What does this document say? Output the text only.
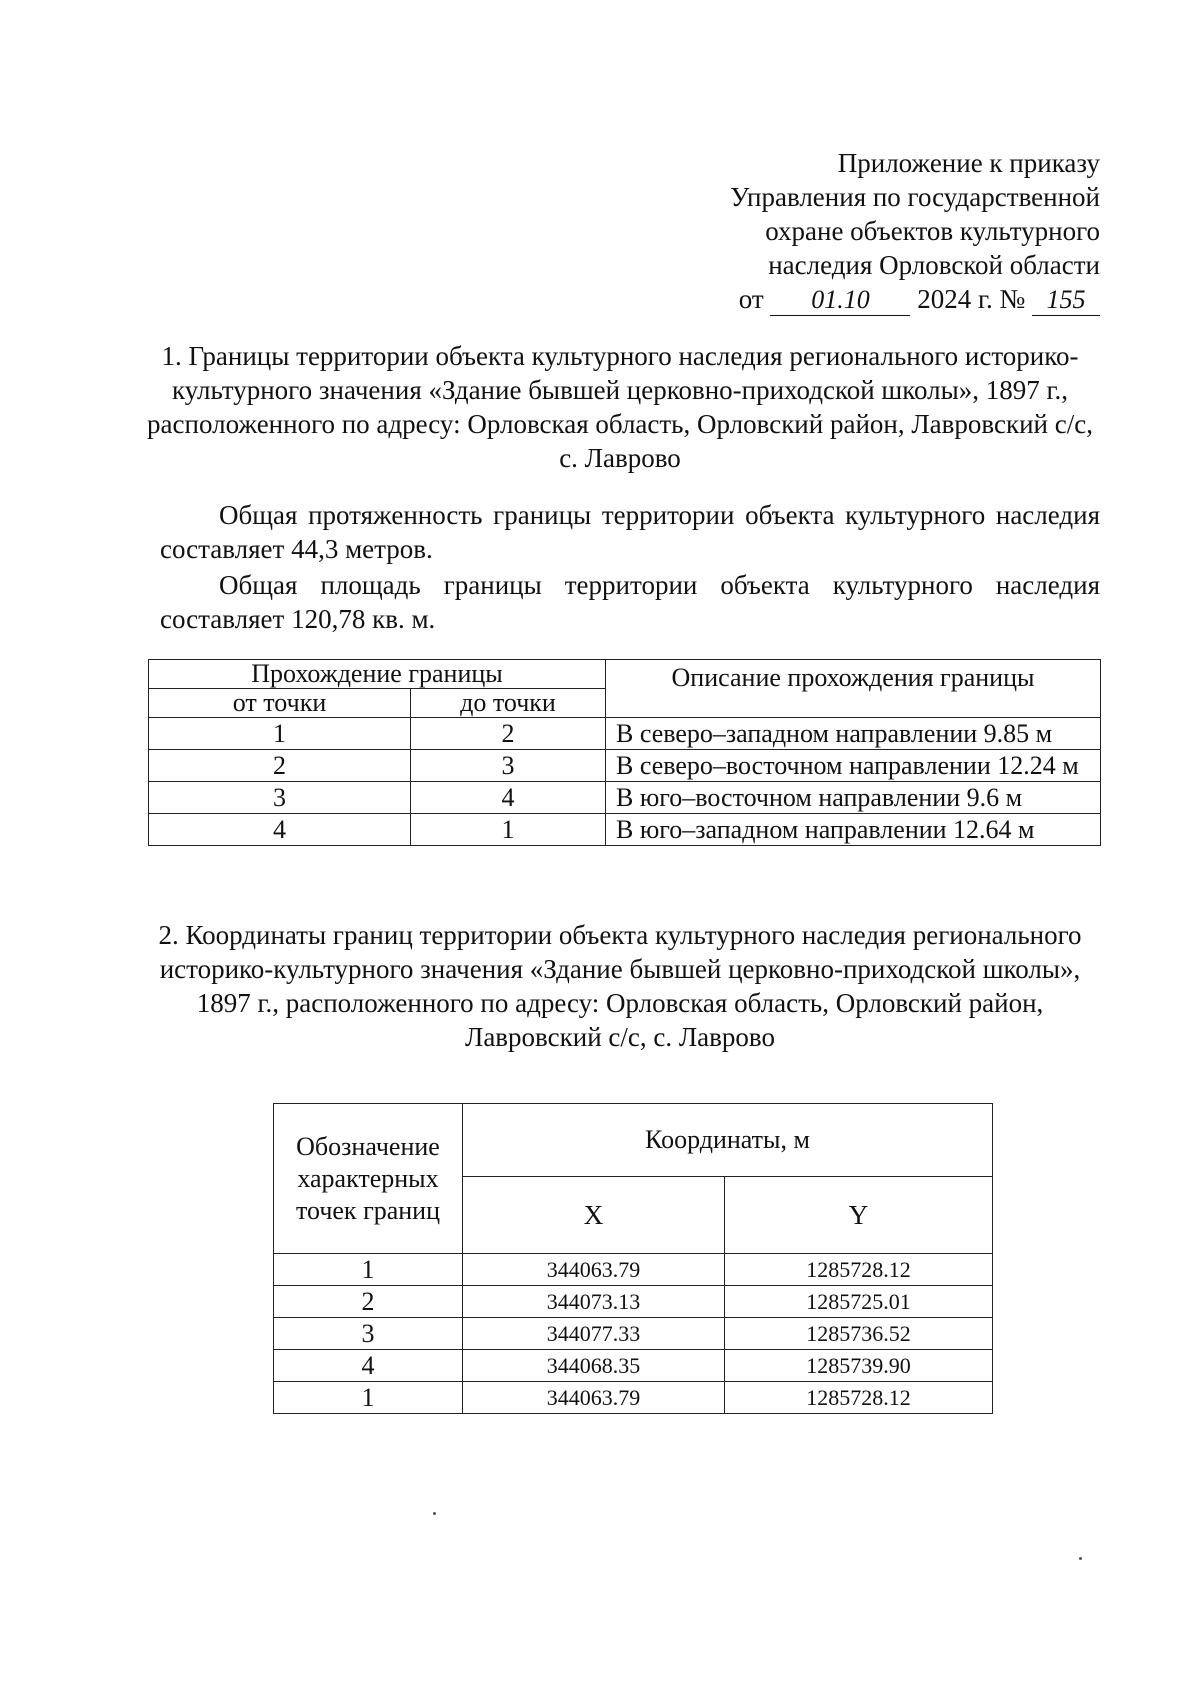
Приложение к приказу
Управления по государственной
охране объектов культурного
наследия Орловской области
от 01.10 2024 г. № 155
1. Границы территории объекта культурного наследия регионального историко-культурного значения «Здание бывшей церковно-приходской школы», 1897 г., расположенного по адресу: Орловская область, Орловский район, Лавровский с/с, с. Лаврово

Общая протяженность границы территории объекта культурного наследия составляет 44,3 метров.

Общая площадь границы территории объекта культурного наследия составляет 120,78 кв. м.

Прохождение границы		Описание прохождения границы
от точки	до точки	
1	2	В северо–западном направлении 9.85 м
2	3	В северо–восточном направлении 12.24 м
3	4	В юго–восточном направлении 9.6 м
4	1	В юго–западном направлении 12.64 м
2. Координаты границ территории объекта культурного наследия регионального историко-культурного значения «Здание бывшей церковно-приходской школы», 1897 г., расположенного по адресу: Орловская область, Орловский район, Лавровский с/с, с. Лаврово
Обозначение характерных точек границ	Координаты, м	
	X	Y
1	344063.79	1285728.12
2	344073.13	1285725.01
3	344077.33	1285736.52
4	344068.35	1285739.90
1	344063.79	1285728.12
